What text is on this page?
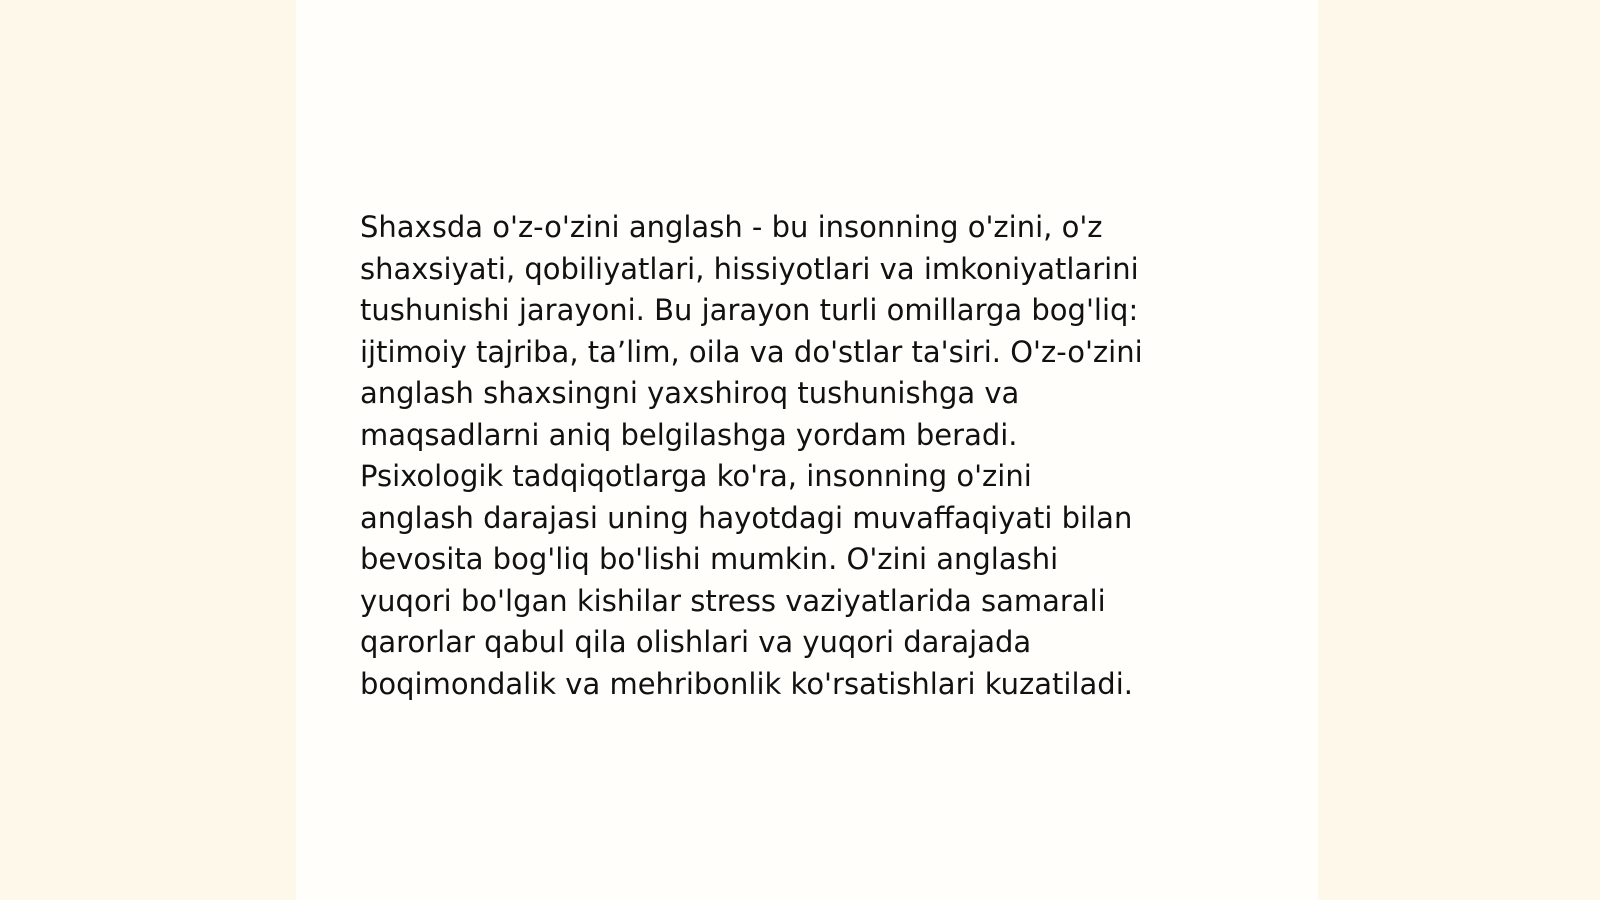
Shaxsda o'z-o'zini anglash - bu insonning o'zini, o'z
shaxsiyati, qobiliyatlari, hissiyotlari va imkoniyatlarini
tushunishi jarayoni. Bu jarayon turli omillarga bog'liq:
ijtimoiy tajriba, ta’lim, oila va do'stlar ta'siri. O'z-o'zini
anglash shaxsingni yaxshiroq tushunishga va
maqsadlarni aniq belgilashga yordam beradi.
Psixologik tadqiqotlarga ko'ra, insonning o'zini
anglash darajasi uning hayotdagi muvaffaqiyati bilan
bevosita bog'liq bo'lishi mumkin. O'zini anglashi
yuqori bo'lgan kishilar stress vaziyatlarida samarali
qarorlar qabul qila olishlari va yuqori darajada
boqimondalik va mehribonlik ko'rsatishlari kuzatiladi.
